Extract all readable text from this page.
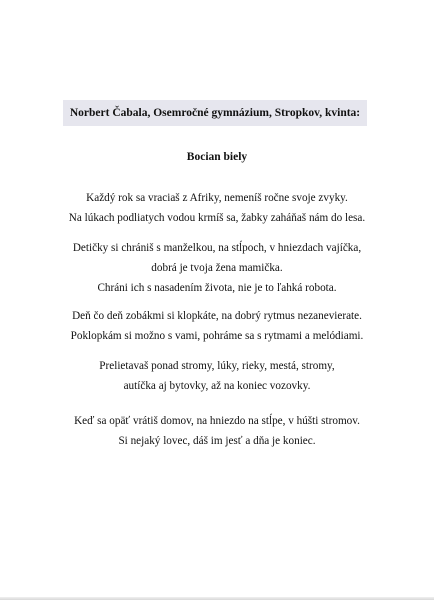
Norbert Čabala, Osemročné gymnázium, Stropkov, kvinta:
Bocian biely
Každý rok sa vraciaš z Afriky, nemeníš ročne svoje zvyky.
Na lúkach podliatych vodou krmíš sa, žabky zaháňaš nám do lesa.
Detičky si chrániš s manželkou, na stĺpoch, v hniezdach vajíčka,
dobrá je tvoja žena mamička.
Chráni ich s nasadením života, nie je to ľahká robota.
Deň čo deň zobákmi si klopkáte, na dobrý rytmus nezanevierate.
Poklopkám si možno s vami, pohráme sa s rytmami a melódiami.
Prelietavaš ponad stromy, lúky, rieky, mestá, stromy,
autíčka aj bytovky, až na koniec vozovky.
Keď sa opäť vrátiš domov, na hniezdo na stĺpe, v húšti stromov.
Si nejaký lovec, dáš im jesť a dňa je koniec.
